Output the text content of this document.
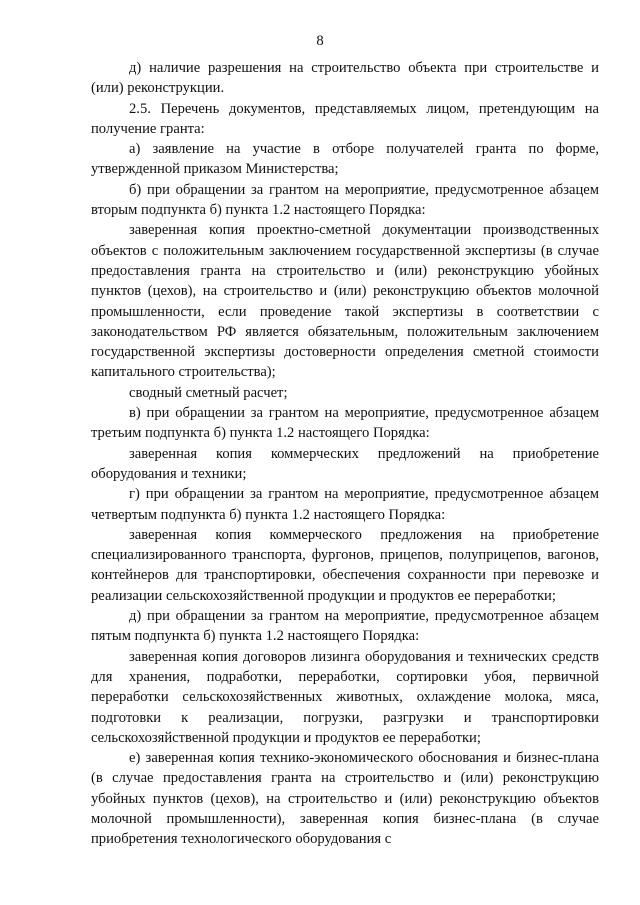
8

д) наличие разрешения на строительство объекта при строительстве и (или) реконструкции.

2.5. Перечень документов, представляемых лицом, претендующим на получение гранта:

а) заявление на участие в отборе получателей гранта по форме, утвержденной приказом Министерства;

б) при обращении за грантом на мероприятие, предусмотренное абзацем вторым подпункта б) пункта 1.2 настоящего Порядка:

заверенная копия проектно-сметной документации производственных объектов с положительным заключением государственной экспертизы (в случае предоставления гранта на строительство и (или) реконструкцию убойных пунктов (цехов), на строительство и (или) реконструкцию объектов молочной промышленности, если проведение такой экспертизы в соответствии с законодательством РФ является обязательным, положительным заключением государственной экспертизы достоверности определения сметной стоимости капитального строительства);

сводный сметный расчет;

в) при обращении за грантом на мероприятие, предусмотренное абзацем третьим подпункта б) пункта 1.2 настоящего Порядка:

заверенная копия коммерческих предложений на приобретение оборудования и техники;

г) при обращении за грантом на мероприятие, предусмотренное абзацем четвертым подпункта б) пункта 1.2 настоящего Порядка:

заверенная копия коммерческого предложения на приобретение специализированного транспорта, фургонов, прицепов, полуприцепов, вагонов, контейнеров для транспортировки, обеспечения сохранности при перевозке и реализации сельскохозяйственной продукции и продуктов ее переработки;

д) при обращении за грантом на мероприятие, предусмотренное абзацем пятым подпункта б) пункта 1.2 настоящего Порядка:

заверенная копия договоров лизинга оборудования и технических средств для хранения, подработки, переработки, сортировки убоя, первичной переработки сельскохозяйственных животных, охлаждение молока, мяса, подготовки к реализации, погрузки, разгрузки и транспортировки сельскохозяйственной продукции и продуктов ее переработки;

е) заверенная копия технико-экономического обоснования и бизнес-плана (в случае предоставления гранта на строительство и (или) реконструкцию убойных пунктов (цехов), на строительство и (или) реконструкцию объектов молочной промышленности), заверенная копия бизнес-плана (в случае приобретения технологического оборудования с
